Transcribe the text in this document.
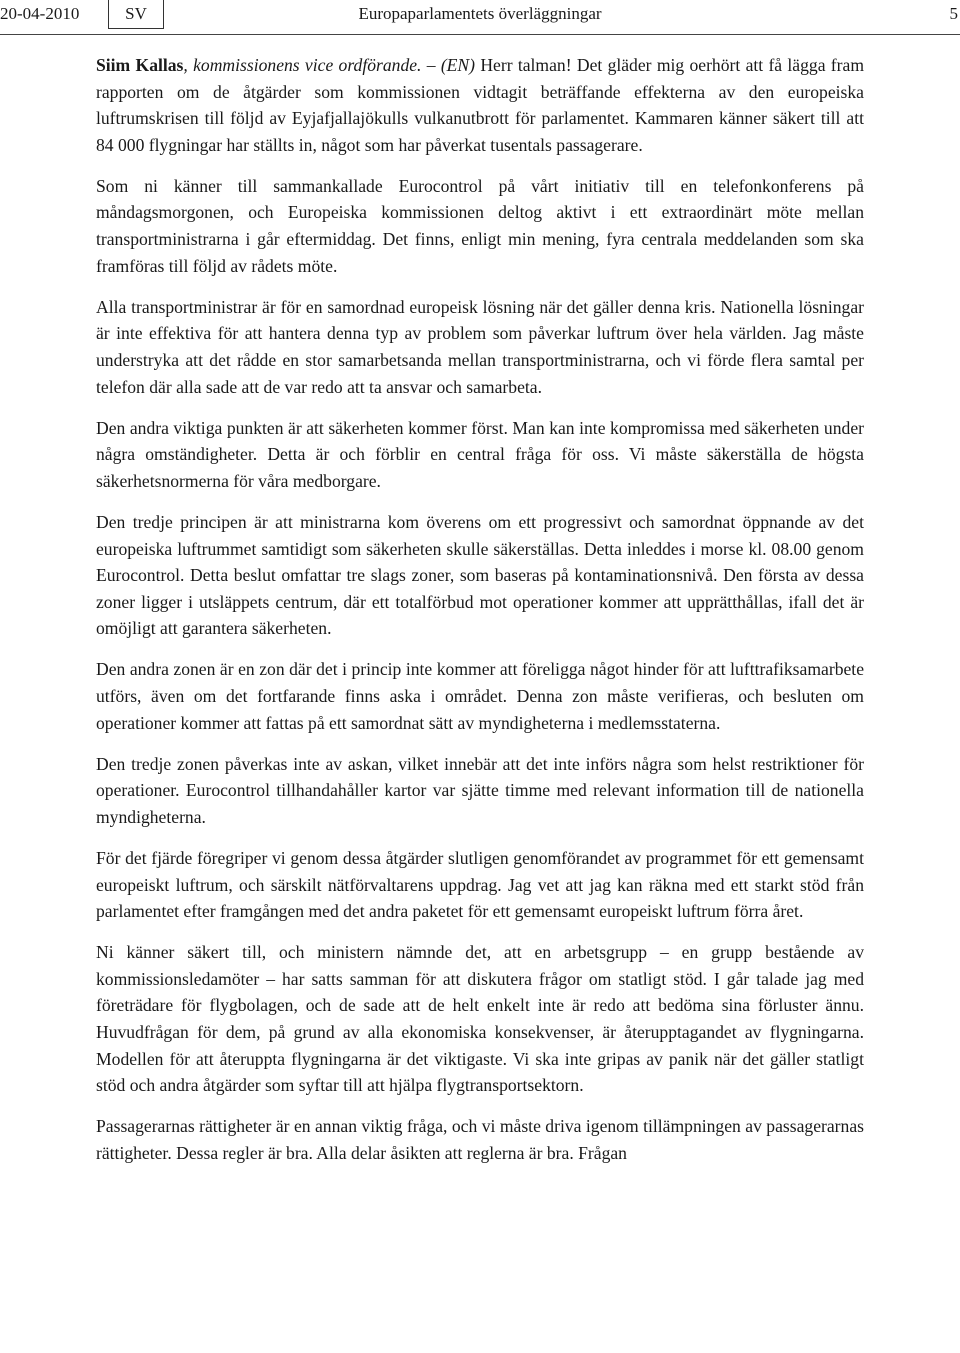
20-04-2010	SV	Europaparlamentets överläggningar	5

Siim Kallas, kommissionens vice ordförande. – (EN) Herr talman! Det gläder mig oerhört att få lägga fram rapporten om de åtgärder som kommissionen vidtagit beträffande effekterna av den europeiska luftrumskrisen till följd av Eyjafjallajökulls vulkanutbrott för parlamentet. Kammaren känner säkert till att 84 000 flygningar har ställts in, något som har påverkat tusentals passagerare.

Som ni känner till sammankallade Eurocontrol på vårt initiativ till en telefonkonferens på måndagsmorgonen, och Europeiska kommissionen deltog aktivt i ett extraordinärt möte mellan transportministrarna i går eftermiddag. Det finns, enligt min mening, fyra centrala meddelanden som ska framföras till följd av rådets möte.

Alla transportministrar är för en samordnad europeisk lösning när det gäller denna kris. Nationella lösningar är inte effektiva för att hantera denna typ av problem som påverkar luftrum över hela världen. Jag måste understryka att det rådde en stor samarbetsanda mellan transportministrarna, och vi förde flera samtal per telefon där alla sade att de var redo att ta ansvar och samarbeta.

Den andra viktiga punkten är att säkerheten kommer först. Man kan inte kompromissa med säkerheten under några omständigheter. Detta är och förblir en central fråga för oss. Vi måste säkerställa de högsta säkerhetsnormerna för våra medborgare.

Den tredje principen är att ministrarna kom överens om ett progressivt och samordnat öppnande av det europeiska luftrummet samtidigt som säkerheten skulle säkerställas. Detta inleddes i morse kl. 08.00 genom Eurocontrol. Detta beslut omfattar tre slags zoner, som baseras på kontaminationsnivå. Den första av dessa zoner ligger i utsläppets centrum, där ett totalförbud mot operationer kommer att upprätthållas, ifall det är omöjligt att garantera säkerheten.

Den andra zonen är en zon där det i princip inte kommer att föreligga något hinder för att lufttrafiksamarbete utförs, även om det fortfarande finns aska i området. Denna zon måste verifieras, och besluten om operationer kommer att fattas på ett samordnat sätt av myndigheterna i medlemsstaterna.

Den tredje zonen påverkas inte av askan, vilket innebär att det inte införs några som helst restriktioner för operationer. Eurocontrol tillhandahåller kartor var sjätte timme med relevant information till de nationella myndigheterna.

För det fjärde föregriper vi genom dessa åtgärder slutligen genomförandet av programmet för ett gemensamt europeiskt luftrum, och särskilt nätförvaltarens uppdrag. Jag vet att jag kan räkna med ett starkt stöd från parlamentet efter framgången med det andra paketet för ett gemensamt europeiskt luftrum förra året.

Ni känner säkert till, och ministern nämnde det, att en arbetsgrupp – en grupp bestående av kommissionsledamöter – har satts samman för att diskutera frågor om statligt stöd. I går talade jag med företrädare för flygbolagen, och de sade att de helt enkelt inte är redo att bedöma sina förluster ännu. Huvudfrågan för dem, på grund av alla ekonomiska konsekvenser, är återupptagandet av flygningarna. Modellen för att återuppta flygningarna är det viktigaste. Vi ska inte gripas av panik när det gäller statligt stöd och andra åtgärder som syftar till att hjälpa flygtransportsektorn.

Passagerarnas rättigheter är en annan viktig fråga, och vi måste driva igenom tillämpningen av passagerarnas rättigheter. Dessa regler är bra. Alla delar åsikten att reglerna är bra. Frågan
